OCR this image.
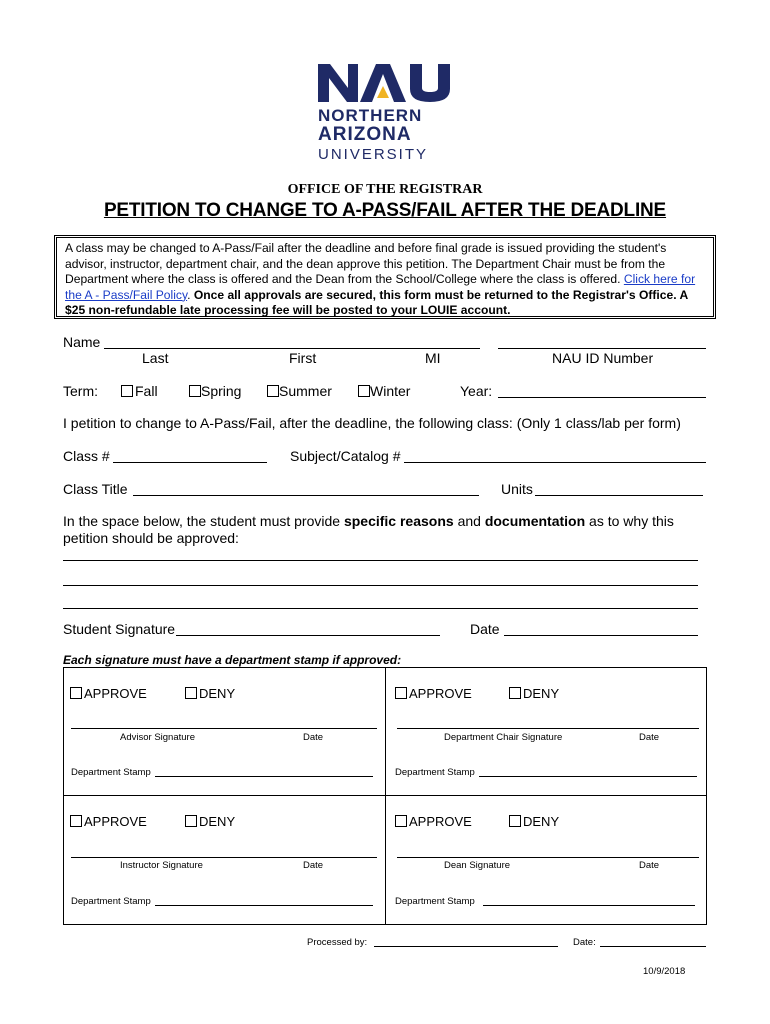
NORTHERN
ARIZONA
UNIVERSITY
OFFICE OF THE REGISTRAR
PETITION TO CHANGE TO A-PASS/FAIL AFTER THE DEADLINE
A class may be changed to A-Pass/Fail after the deadline and before final grade is issued providing the student's advisor, instructor, department chair, and the dean approve this petition. The Department Chair must be from the Department where the class is offered and the Dean from the School/College where the class is offered. Click here for the A - Pass/Fail Policy. Once all approvals are secured, this form must be returned to the Registrar's Office. A $25 non-refundable late processing fee will be posted to your LOUIE account.
Name
Last	First	MI	NAU ID Number
Term:	Fall	Spring	Summer	Winter	Year:
I petition to change to A-Pass/Fail, after the deadline, the following class: (Only 1 class/lab per form)
Class #	Subject/Catalog #
Class Title	Units
In the space below, the student must provide specific reasons and documentation as to why this petition should be approved:
Student Signature	Date
Each signature must have a department stamp if approved:
APPROVE	DENY
Advisor Signature	Date
Department Stamp
APPROVE	DENY
Department Chair Signature	Date
Department Stamp
APPROVE	DENY
Instructor Signature	Date
Department Stamp
APPROVE	DENY
Dean Signature	Date
Department Stamp
Processed by:	Date:
10/9/2018
